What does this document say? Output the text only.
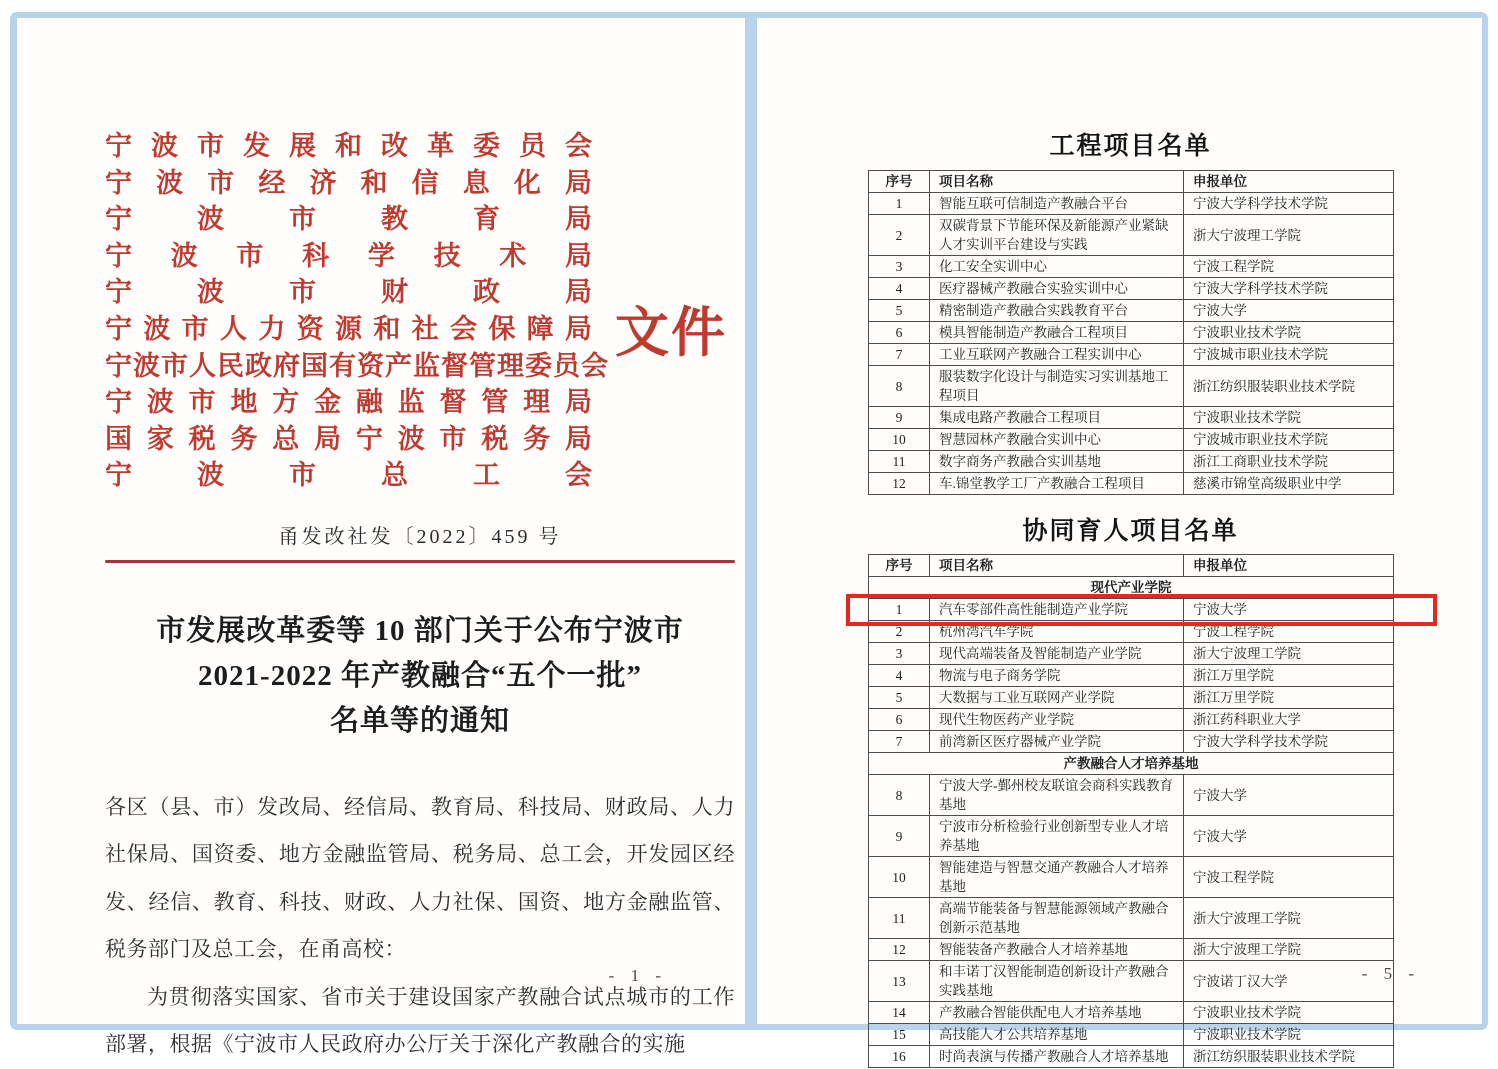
宁波市发展和改革委员会
宁波市经济和信息化局
宁波市教育局
宁波市科学技术局
宁波市财政局
宁波市人力资源和社会保障局
宁波市人民政府国有资产监督管理委员会
宁波市地方金融监督管理局
国家税务总局宁波市税务局
宁波市总工会
甬发改社发〔2022〕459 号
市发展改革委等 10 部门关于公布宁波市
2021-2022 年产教融合“五个一批”
名单等的通知

各区（县、市）发改局、经信局、教育局、科技局、财政局、人力社保局、国资委、地方金融监管局、税务局、总工会，开发园区经发、经信、教育、科技、财政、人力社保、国资、地方金融监管、税务部门及总工会，在甬高校：

为贯彻落实国家、省市关于建设国家产教融合试点城市的工作部署，根据《宁波市人民政府办公厅关于深化产教融合的实施

文件
- 1 -
工程项目名单
序号	项目名称	申报单位
1	智能互联可信制造产教融合平台	宁波大学科学技术学院
2	双碳背景下节能环保及新能源产业紧缺人才实训平台建设与实践	浙大宁波理工学院
3	化工安全实训中心	宁波工程学院
4	医疗器械产教融合实验实训中心	宁波大学科学技术学院
5	精密制造产教融合实践教育平台	宁波大学
6	模具智能制造产教融合工程项目	宁波职业技术学院
7	工业互联网产教融合工程实训中心	宁波城市职业技术学院
8	服装数字化设计与制造实习实训基地工程项目	浙江纺织服装职业技术学院
9	集成电路产教融合工程项目	宁波职业技术学院
10	智慧园林产教融合实训中心	宁波城市职业技术学院
11	数字商务产教融合实训基地	浙江工商职业技术学院
12	车.锦堂教学工厂产教融合工程项目	慈溪市锦堂高级职业中学
协同育人项目名单
序号	项目名称	申报单位
现代产业学院		
1	汽车零部件高性能制造产业学院	宁波大学
2	杭州湾汽车学院	宁波工程学院
3	现代高端装备及智能制造产业学院	浙大宁波理工学院
4	物流与电子商务学院	浙江万里学院
5	大数据与工业互联网产业学院	浙江万里学院
6	现代生物医药产业学院	浙江药科职业大学
7	前湾新区医疗器械产业学院	宁波大学科学技术学院
产教融合人才培养基地		
8	宁波大学-鄞州校友联谊会商科实践教育基地	宁波大学
9	宁波市分析检验行业创新型专业人才培养基地	宁波大学
10	智能建造与智慧交通产教融合人才培养基地	宁波工程学院
11	高端节能装备与智慧能源领域产教融合创新示范基地	浙大宁波理工学院
12	智能装备产教融合人才培养基地	浙大宁波理工学院
13	和丰诺丁汉智能制造创新设计产教融合实践基地	宁波诺丁汉大学
14	产教融合智能供配电人才培养基地	宁波职业技术学院
15	高技能人才公共培养基地	宁波职业技术学院
16	时尚表演与传播产教融合人才培养基地	浙江纺织服装职业技术学院
- 5 -
